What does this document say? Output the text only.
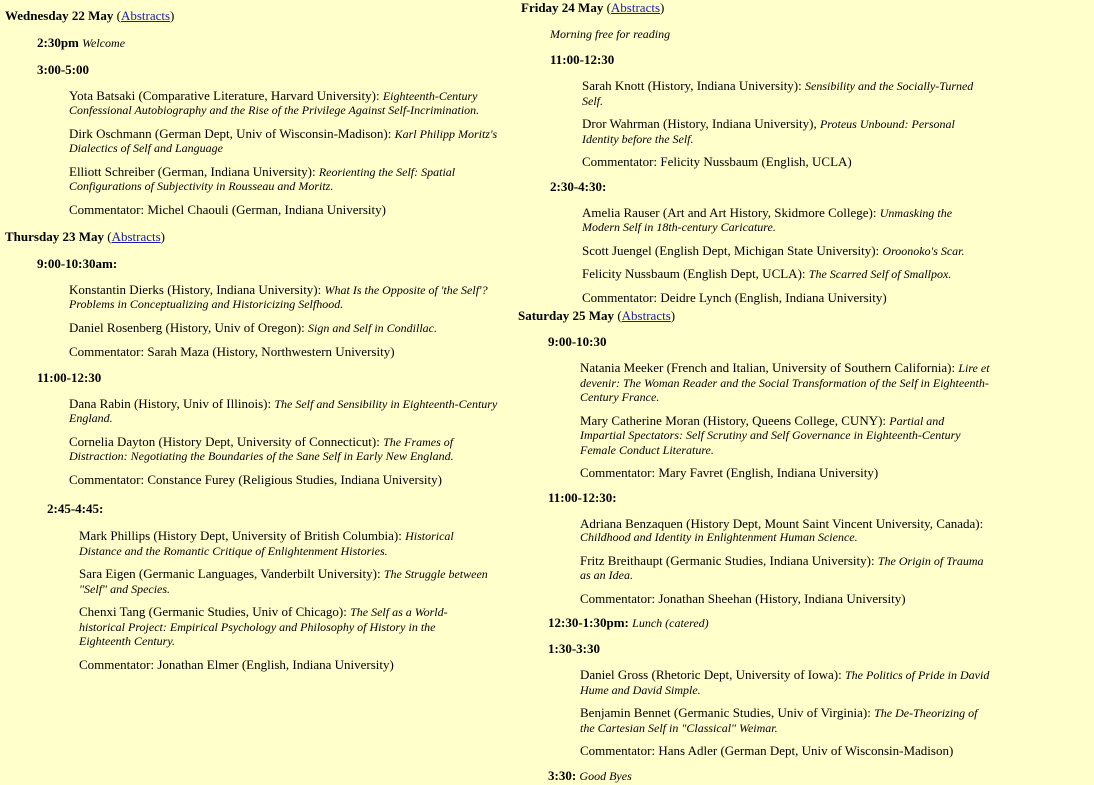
Wednesday 22 May (Abstracts)
2:30pm Welcome
3:00-5:00
Yota Batsaki (Comparative Literature, Harvard University): Eighteenth-Century Confessional Autobiography and the Rise of the Privilege Against Self-Incrimination.
Dirk Oschmann (German Dept, Univ of Wisconsin-Madison): Karl Philipp Moritz's Dialectics of Self and Language
Elliott Schreiber (German, Indiana University): Reorienting the Self: Spatial Configurations of Subjectivity in Rousseau and Moritz.
Commentator: Michel Chaouli (German, Indiana University)
Thursday 23 May (Abstracts)
9:00-10:30am:
Konstantin Dierks (History, Indiana University): What Is the Opposite of 'the Self'? Problems in Conceptualizing and Historicizing Selfhood.
Daniel Rosenberg (History, Univ of Oregon): Sign and Self in Condillac.
Commentator: Sarah Maza (History, Northwestern University)
11:00-12:30
Dana Rabin (History, Univ of Illinois): The Self and Sensibility in Eighteenth-Century England.
Cornelia Dayton (History Dept, University of Connecticut): The Frames of Distraction: Negotiating the Boundaries of the Sane Self in Early New England.
Commentator: Constance Furey (Religious Studies, Indiana University)
2:45-4:45:
Mark Phillips (History Dept, University of British Columbia): Historical Distance and the Romantic Critique of Enlightenment Histories.
Sara Eigen (Germanic Languages, Vanderbilt University): The Struggle between "Self" and Species.
Chenxi Tang (Germanic Studies, Univ of Chicago): The Self as a World-historical Project: Empirical Psychology and Philosophy of History in the Eighteenth Century.
Commentator: Jonathan Elmer (English, Indiana University)
Friday 24 May (Abstracts)
Morning free for reading
11:00-12:30
Sarah Knott (History, Indiana University): Sensibility and the Socially-Turned Self.
Dror Wahrman (History, Indiana University), Proteus Unbound: Personal Identity before the Self.
Commentator: Felicity Nussbaum (English, UCLA)
2:30-4:30:
Amelia Rauser (Art and Art History, Skidmore College): Unmasking the Modern Self in 18th-century Caricature.
Scott Juengel (English Dept, Michigan State University): Oroonoko's Scar.
Felicity Nussbaum (English Dept, UCLA): The Scarred Self of Smallpox.
Commentator: Deidre Lynch (English, Indiana University)
Saturday 25 May (Abstracts)
9:00-10:30
Natania Meeker (French and Italian, University of Southern California): Lire et devenir: The Woman Reader and the Social Transformation of the Self in Eighteenth-Century France.
Mary Catherine Moran (History, Queens College, CUNY): Partial and Impartial Spectators: Self Scrutiny and Self Governance in Eighteenth-Century Female Conduct Literature.
Commentator: Mary Favret (English, Indiana University)
11:00-12:30:
Adriana Benzaquen (History Dept, Mount Saint Vincent University, Canada): Childhood and Identity in Enlightenment Human Science.
Fritz Breithaupt (Germanic Studies, Indiana University): The Origin of Trauma as an Idea.
Commentator: Jonathan Sheehan (History, Indiana University)
12:30-1:30pm: Lunch (catered)
1:30-3:30
Daniel Gross (Rhetoric Dept, University of Iowa): The Politics of Pride in David Hume and David Simple.
Benjamin Bennet (Germanic Studies, Univ of Virginia): The De-Theorizing of the Cartesian Self in "Classical" Weimar.
Commentator: Hans Adler (German Dept, Univ of Wisconsin-Madison)
3:30: Good Byes
